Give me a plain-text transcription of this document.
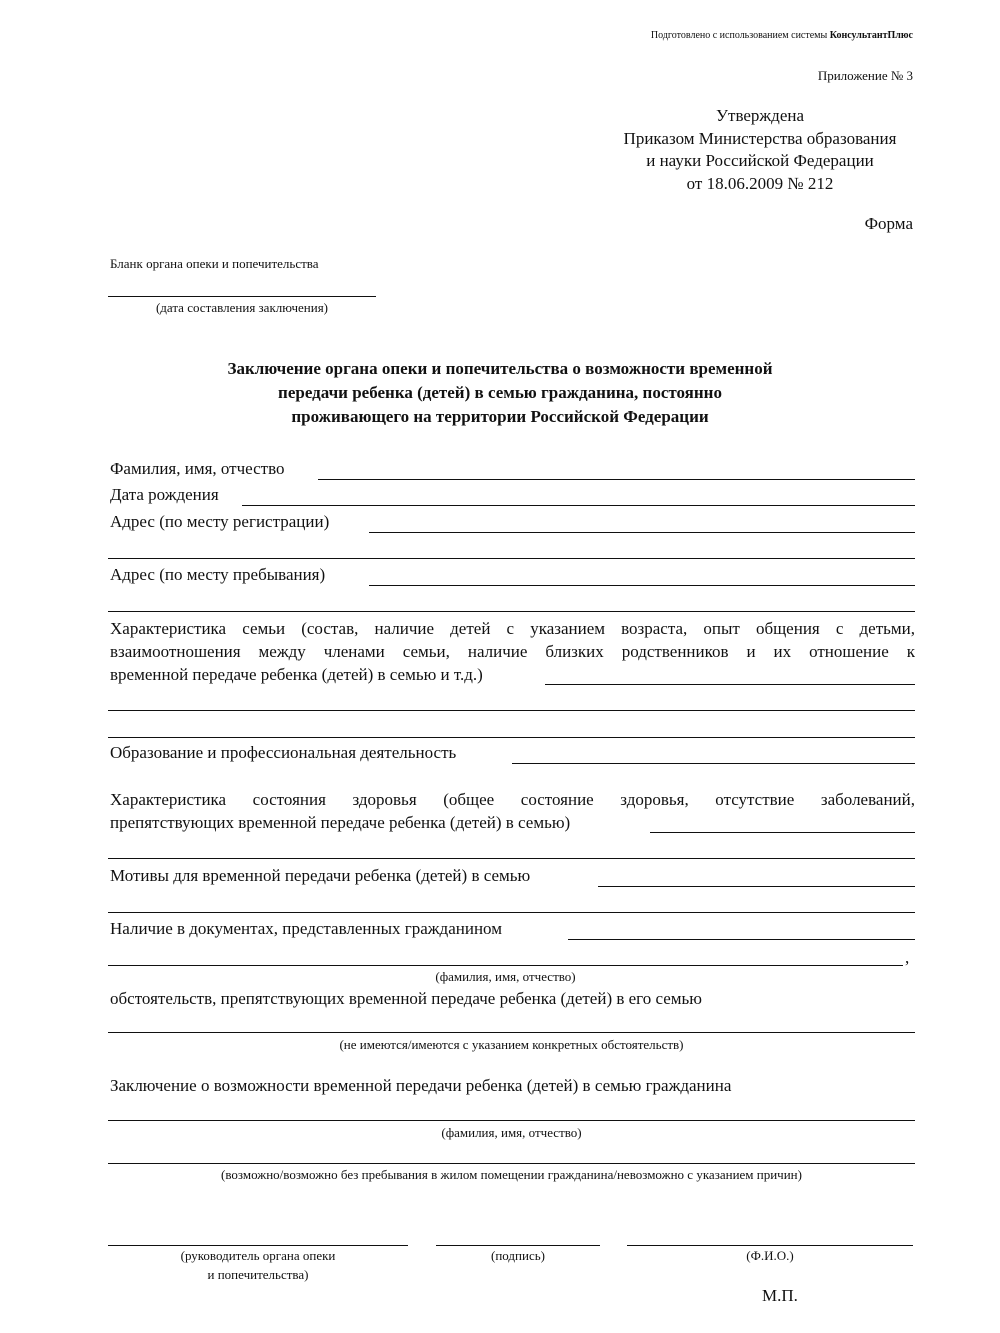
Подготовлено с использованием системы КонсультантПлюс
Приложение № 3
Утверждена
Приказом Министерства образования
и науки Российской Федерации
от 18.06.2009 № 212
Форма
Бланк органа опеки и попечительства
(дата составления заключения)
Заключение органа опеки и попечительства о возможности временной
передачи ребенка (детей) в семью гражданина, постоянно
проживающего на территории Российской Федерации
Фамилия, имя, отчество
Дата рождения
Адрес (по месту регистрации)
Адрес (по месту пребывания)
Характеристика семьи (состав, наличие детей с указанием возраста, опыт общения с детьми,
взаимоотношения между членами семьи, наличие близких родственников и их отношение к
временной передаче ребенка (детей) в семью и т.д.)
Образование и профессиональная деятельность
Характеристика состояния здоровья (общее состояние здоровья, отсутствие заболеваний,
препятствующих временной передаче ребенка (детей) в семью)
Мотивы для временной передачи ребенка (детей) в семью
Наличие в документах, представленных гражданином
,
(фамилия, имя, отчество)
обстоятельств, препятствующих временной передаче ребенка (детей) в его семью
(не имеются/имеются с указанием конкретных обстоятельств)
Заключение о возможности временной передачи ребенка (детей) в семью гражданина
(фамилия, имя, отчество)
(возможно/возможно без пребывания в жилом помещении гражданина/невозможно с указанием причин)
(руководитель органа опеки
и попечительства)
(подпись)	(Ф.И.О.)
М.П.
